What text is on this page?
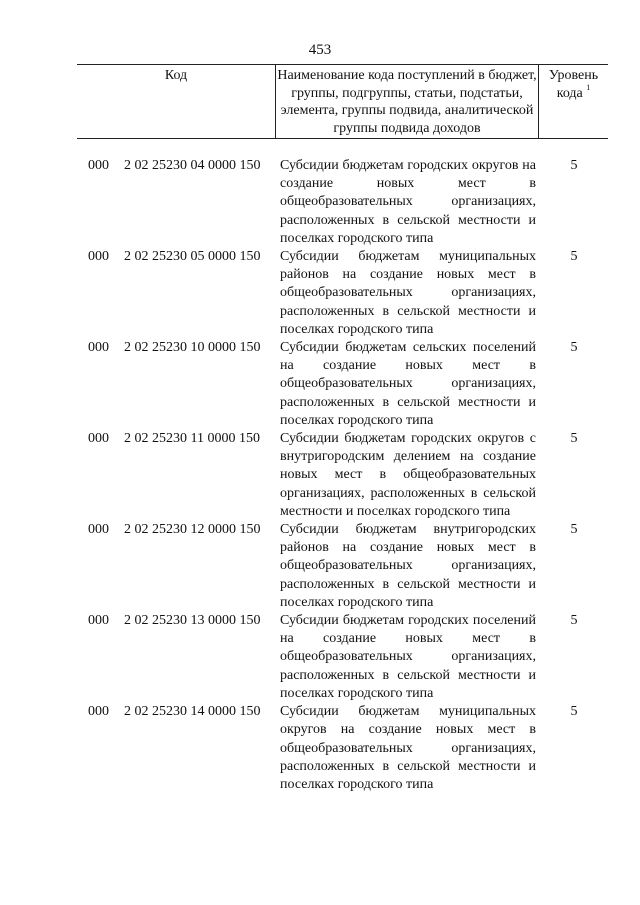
453
Код	Наименование кода поступлений в бюджет, группы, подгруппы, статьи, подстатьи, элемента, группы подвида, аналитической группы подвида доходов
Уровень кода $^1$
000 2 02 25230 04 0000 150 Субсидии бюджетам городских округов на создание новых мест в общеобразовательных организациях, расположенных в сельской местности и поселках городского типа
5
000 2 02 25230 05 0000 150 Субсидии бюджетам муниципальных районов на создание новых мест в общеобразовательных организациях, расположенных в сельской местности и поселках городского типа
5
000 2 02 25230 10 0000 150 Субсидии бюджетам сельских поселений на создание новых мест в общеобразовательных организациях, расположенных в сельской местности и поселках городского типа
5
000 2 02 25230 11 0000 150 Субсидии бюджетам городских округов с внутригородским делением на создание новых мест в общеобразовательных организациях, расположенных в сельской местности и поселках городского типа
5
000 2 02 25230 12 0000 150 Субсидии бюджетам внутригородских районов на создание новых мест в общеобразовательных организациях, расположенных в сельской местности и поселках городского типа
5
000 2 02 25230 13 0000 150 Субсидии бюджетам городских поселений на создание новых мест в общеобразовательных организациях, расположенных в сельской местности и поселках городского типа
5
000 2 02 25230 14 0000 150 Субсидии бюджетам муниципальных округов на создание новых мест в общеобразовательных организациях, расположенных в сельской местности и поселках городского типа
5
